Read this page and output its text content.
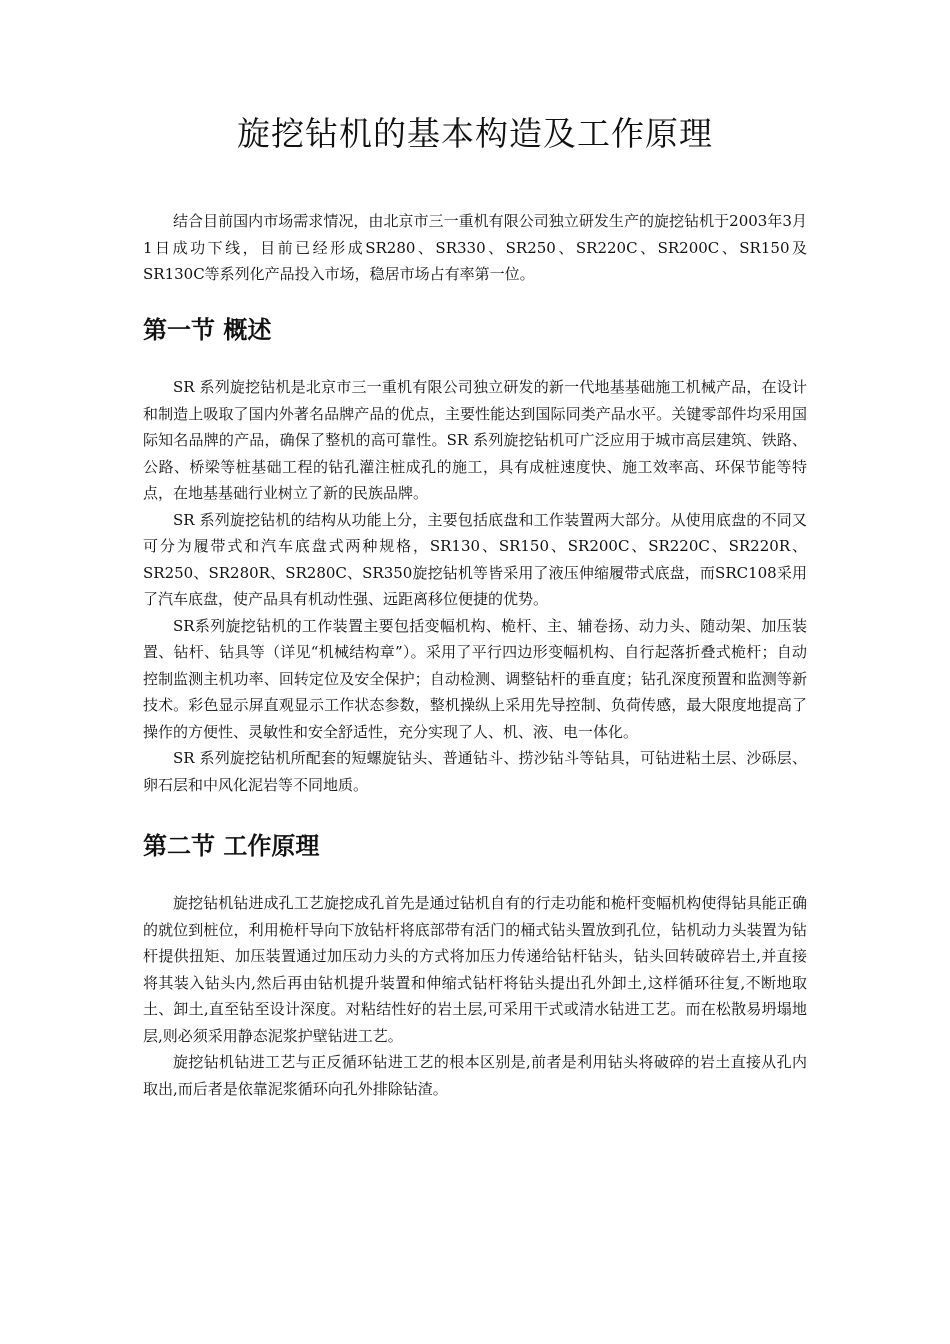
旋挖钻机的基本构造及工作原理

结合目前国内市场需求情况，由北京市三一重机有限公司独立研发生产的旋挖钻机于2003年3月1日成功下线，目前已经形成SR280、SR330、SR250、SR220C、SR200C、SR150及SR130C等系列化产品投入市场，稳居市场占有率第一位。

第一节 概述

SR 系列旋挖钻机是北京市三一重机有限公司独立研发的新一代地基基础施工机械产品，在设计和制造上吸取了国内外著名品牌产品的优点，主要性能达到国际同类产品水平。关键零部件均采用国际知名品牌的产品，确保了整机的高可靠性。SR 系列旋挖钻机可广泛应用于城市高层建筑、铁路、公路、桥梁等桩基础工程的钻孔灌注桩成孔的施工，具有成桩速度快、施工效率高、环保节能等特点，在地基基础行业树立了新的民族品牌。

SR 系列旋挖钻机的结构从功能上分，主要包括底盘和工作装置两大部分。从使用底盘的不同又可分为履带式和汽车底盘式两种规格，SR130、SR150、SR200C、SR220C、SR220R、SR250、SR280R、SR280C、SR350旋挖钻机等皆采用了液压伸缩履带式底盘，而SRC108采用了汽车底盘，使产品具有机动性强、远距离移位便捷的优势。

SR系列旋挖钻机的工作装置主要包括变幅机构、桅杆、主、辅卷扬、动力头、随动架、加压装置、钻杆、钻具等（详见“机械结构章”）。采用了平行四边形变幅机构、自行起落折叠式桅杆；自动控制监测主机功率、回转定位及安全保护；自动检测、调整钻杆的垂直度；钻孔深度预置和监测等新技术。彩色显示屏直观显示工作状态参数，整机操纵上采用先导控制、负荷传感，最大限度地提高了操作的方便性、灵敏性和安全舒适性，充分实现了人、机、液、电一体化。

SR 系列旋挖钻机所配套的短螺旋钻头、普通钻斗、捞沙钻斗等钻具，可钻进粘土层、沙砾层、卵石层和中风化泥岩等不同地质。

第二节 工作原理

旋挖钻机钻进成孔工艺旋挖成孔首先是通过钻机自有的行走功能和桅杆变幅机构使得钻具能正确的就位到桩位，利用桅杆导向下放钻杆将底部带有活门的桶式钻头置放到孔位，钻机动力头装置为钻杆提供扭矩、加压装置通过加压动力头的方式将加压力传递给钻杆钻头，钻头回转破碎岩土,并直接将其装入钻头内,然后再由钻机提升装置和伸缩式钻杆将钻头提出孔外卸土,这样循环往复,不断地取土、卸土,直至钻至设计深度。对粘结性好的岩土层,可采用干式或清水钻进工艺。而在松散易坍塌地层,则必须采用静态泥浆护壁钻进工艺。

旋挖钻机钻进工艺与正反循环钻进工艺的根本区别是,前者是利用钻头将破碎的岩土直接从孔内取出,而后者是依靠泥浆循环向孔外排除钻渣。
